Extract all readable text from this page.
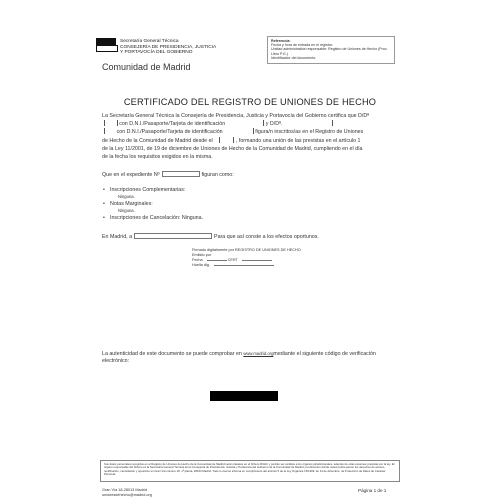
Secretaría General Técnica
CONSEJERÍA DE PRESIDENCIA, JUSTICIA
Y PORTAVOCÍA DEL GOBIERNO
Comunidad de Madrid
Referencia:
Fecha y hora de entrada en el registro:
Unidad administrativa responsable: Registro de Uniones de Hecho (Proc.
Libro P.G.)
Identificador del documento:
CERTIFICADO DEL REGISTRO DE UNIONES DE HECHO
La Secretaría General Técnica la Consejería de Presidencia, Justicia y Portavocía del Gobierno certifica que D/Dª
con D.N.I./Pasaporte/Tarjeta de identificación	y D/Dª.
con D.N.I./Pasaporte/Tarjeta de identificación	figura/n inscritos/as en el Registro de Uniones
de Hecho de la Comunidad de Madrid desde el	, formando una unión de las previstas en el artículo 1
de la Ley 11/2001, de 19 de diciembre de Uniones de Hecho de la Comunidad de Madrid, cumpliendo en el día
de la fecha los requisitos exigidos en la misma.
Que en el expediente Nº	figuran como:
• Inscripciones Complementarias:
Ninguna.
• Notas Marginales:
Ninguna.
• Inscripciones de Cancelación: Ninguna.
En Madrid, a	Para que así conste a los efectos oportunos.
Firmado digitalmente por REGISTRO DE UNIONES DE HECHO
Emitido por
Fecha	CERT
Huella dig.
La autenticidad de este documento se puede comprobar en www.madrid.orgmediante el siguiente código de verificación electrónico:
Sus datos personales recogidos en el Registro de Uniones de Hecho de la Comunidad de Madrid serán tratados en el fichero RUHC y podrán ser cedidos a los órganos jurisdiccionales, además de otras cesiones previstas por la ley. El órgano responsable del fichero es la Secretaría General Técnica de la Consejería de Presidencia, Justicia y Portavocía del Gobierno de la Comunidad de Madrid y la dirección donde usted podrá ejercer los derechos de acceso, rectificación, cancelación y oposición es Gran Vía número 18, 1ª planta, 28013 Madrid. Todo lo cual se informa en cumplimiento del artículo 5 de la Ley Orgánica 15/1999, de 13 de diciembre, de Protección de Datos de Carácter Personal.
Gran Vía 18-28013 Madrid
unionesdehecho@madrid.org
Página 1 de 1
